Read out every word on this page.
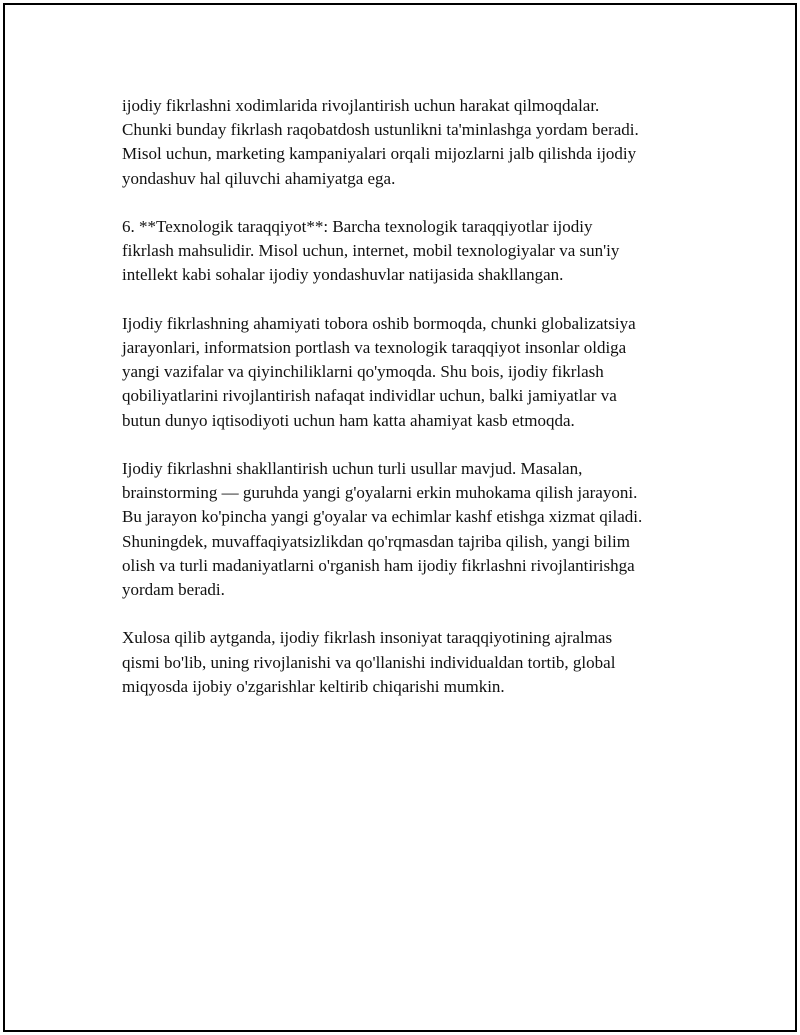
ijodiy fikrlashni xodimlarida rivojlantirish uchun harakat qilmoqdalar.
Chunki bunday fikrlash raqobatdosh ustunlikni ta'minlashga yordam beradi.
Misol uchun, marketing kampaniyalari orqali mijozlarni jalb qilishda ijodiy
yondashuv hal qiluvchi ahamiyatga ega.

6. **Texnologik taraqqiyot**: Barcha texnologik taraqqiyotlar ijodiy
fikrlash mahsulidir. Misol uchun, internet, mobil texnologiyalar va sun'iy
intellekt kabi sohalar ijodiy yondashuvlar natijasida shakllangan.

Ijodiy fikrlashning ahamiyati tobora oshib bormoqda, chunki globalizatsiya
jarayonlari, informatsion portlash va texnologik taraqqiyot insonlar oldiga
yangi vazifalar va qiyinchiliklarni qo'ymoqda. Shu bois, ijodiy fikrlash
qobiliyatlarini rivojlantirish nafaqat individlar uchun, balki jamiyatlar va
butun dunyo iqtisodiyoti uchun ham katta ahamiyat kasb etmoqda.

Ijodiy fikrlashni shakllantirish uchun turli usullar mavjud. Masalan,
brainstorming — guruhda yangi g'oyalarni erkin muhokama qilish jarayoni.
Bu jarayon ko'pincha yangi g'oyalar va echimlar kashf etishga xizmat qiladi.
Shuningdek, muvaffaqiyatsizlikdan qo'rqmasdan tajriba qilish, yangi bilim
olish va turli madaniyatlarni o'rganish ham ijodiy fikrlashni rivojlantirishga
yordam beradi.

Xulosa qilib aytganda, ijodiy fikrlash insoniyat taraqqiyotining ajralmas
qismi bo'lib, uning rivojlanishi va qo'llanishi individualdan tortib, global
miqyosda ijobiy o'zgarishlar keltirib chiqarishi mumkin.
